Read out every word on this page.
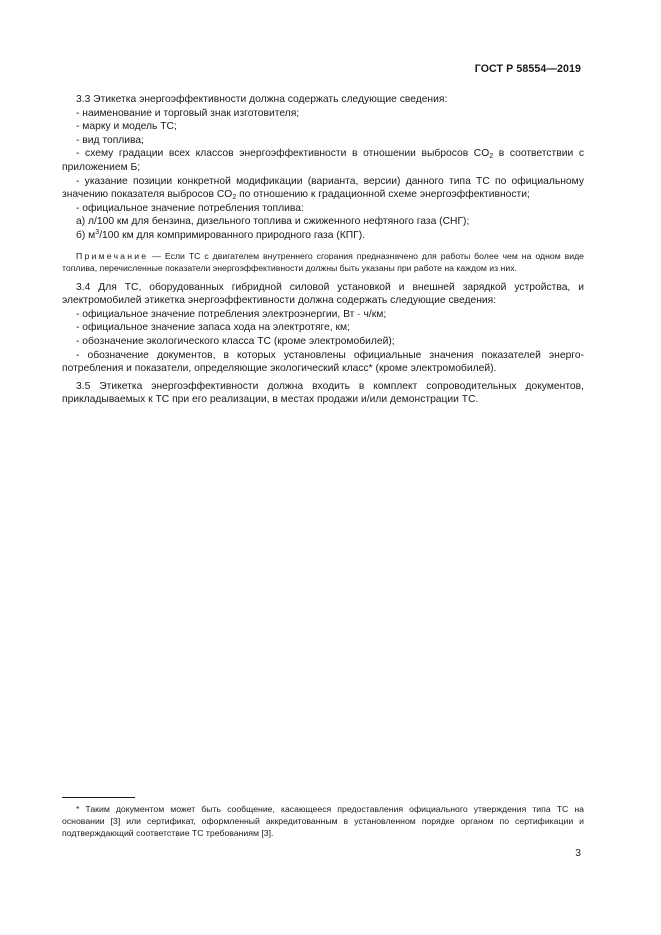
ГОСТ Р 58554—2019

3.3 Этикетка энергоэффективности должна содержать следующие сведения:

- наименование и торговый знак изготовителя;

- марку и модель ТС;

- вид топлива;

- схему градации всех классов энергоэффективности в отношении выбросов $CO_2$ в соответствии с приложением Б;

- указание позиции конкретной модификации (варианта, версии) данного типа ТС по официальному значению показателя выбросов $CO_2$ по отношению к градационной схеме энергоэффективности;

- официальное значение потребления топлива:

а) л/100 км для бензина, дизельного топлива и сжиженного нефтяного газа (СНГ);

б) $м^3/100$ км для компримированного природного газа (КПГ).

Примечание — Если ТС с двигателем внутреннего сгорания предназначено для работы более чем на одном виде топлива, перечисленные показатели энергоэффективности должны быть указаны при работе на каждом из них.

3.4 Для ТС, оборудованных гибридной силовой установкой и внешней зарядкой устройства, и электромобилей этикетка энергоэффективности должна содержать следующие сведения:

- официальное значение потребления электроэнергии, Вт · ч/км;

- официальное значение запаса хода на электротяге, км;

- обозначение экологического класса ТС (кроме электромобилей);

- обозначение документов, в которых установлены официальные значения показателей энергопотребления и показатели, определяющие экологический класс* (кроме электромобилей).

3.5 Этикетка энергоэффективности должна входить в комплект сопроводительных документов, прикладываемых к ТС при его реализации, в местах продажи и/или демонстрации ТС.

* Таким документом может быть сообщение, касающееся предоставления официального утверждения типа ТС на основании [3] или сертификат, оформленный аккредитованным в установленном порядке органом по сертификации и подтверждающий соответствие ТС требованиям [3].

3
